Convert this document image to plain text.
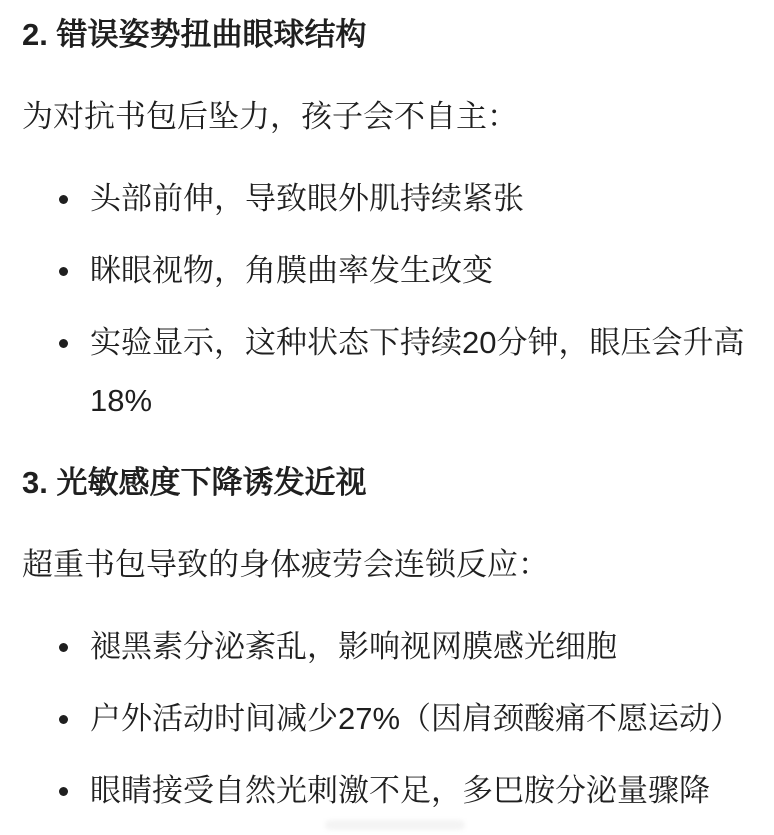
2. 错误姿势扭曲眼球结构

为对抗书包后坠力，孩子会不自主：

头部前伸，导致眼外肌持续紧张
眯眼视物，角膜曲率发生改变
实验显示，这种状态下持续20分钟，眼压会升高18%

3. 光敏感度下降诱发近视

超重书包导致的身体疲劳会连锁反应：

褪黑素分泌紊乱，影响视网膜感光细胞
户外活动时间减少27%（因肩颈酸痛不愿运动）
眼睛接受自然光刺激不足，多巴胺分泌量骤降
